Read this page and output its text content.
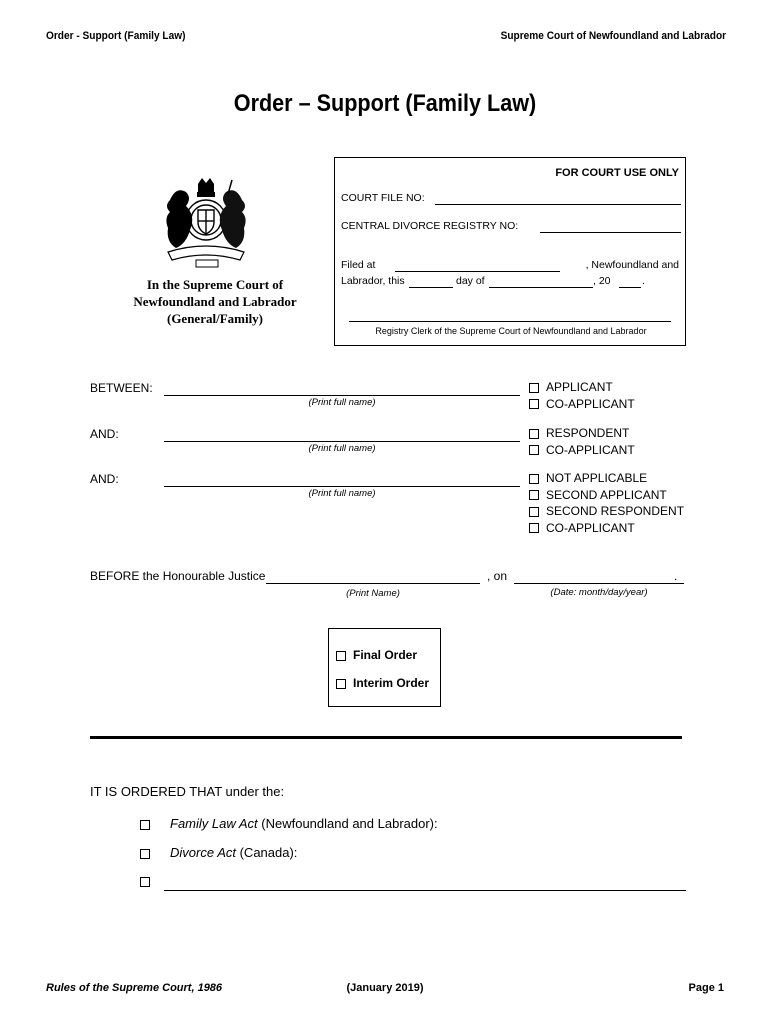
Order - Support (Family Law)	Supreme Court of Newfoundland and Labrador
Order – Support (Family Law)
In the Supreme Court of
Newfoundland and Labrador
(General/Family)
FOR COURT USE ONLY
COURT FILE NO:
CENTRAL DIVORCE REGISTRY NO:
Filed at	, Newfoundland and
Labrador, this	day of	, 20	.
Registry Clerk of the Supreme Court of Newfoundland and Labrador
BETWEEN:
(Print full name)
APPLICANT
CO-APPLICANT
AND:
(Print full name)
RESPONDENT
CO-APPLICANT
AND:
(Print full name)
NOT APPLICABLE
SECOND APPLICANT
SECOND RESPONDENT
CO-APPLICANT
BEFORE the Honourable Justice	, on	.
(Print Name)	(Date: month/day/year)
Final Order
Interim Order
IT IS ORDERED THAT under the:
Family Law Act (Newfoundland and Labrador):
Divorce Act (Canada):
Rules of the Supreme Court, 1986	(January 2019)	Page 1
